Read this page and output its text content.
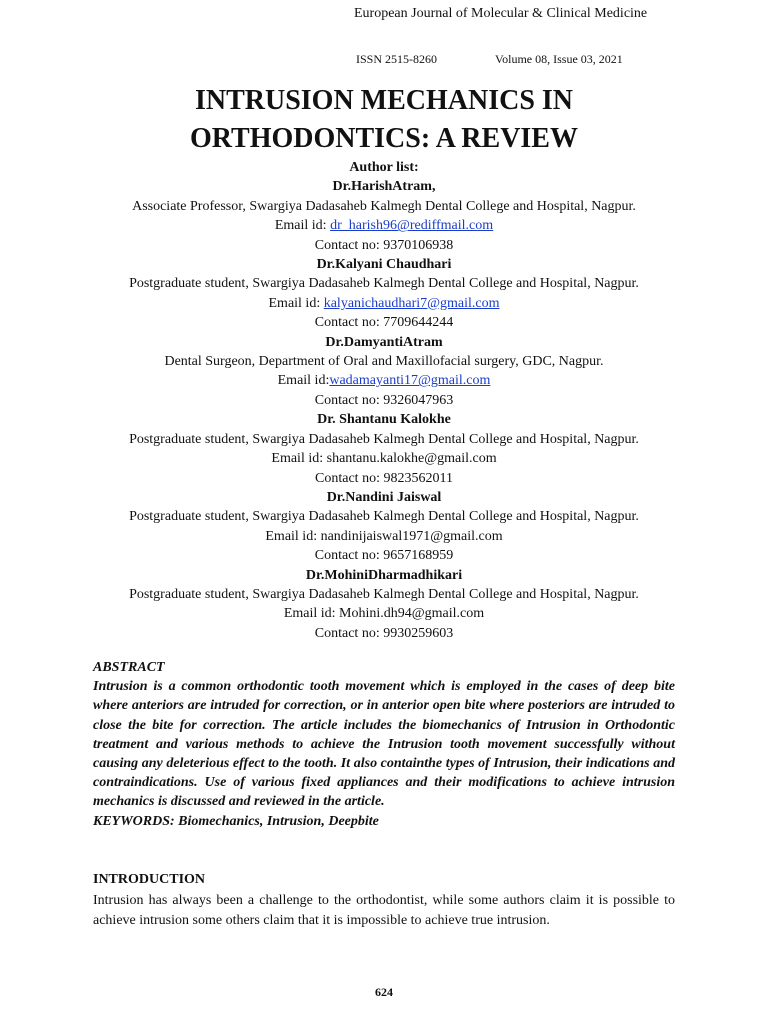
European Journal of Molecular & Clinical Medicine
ISSN 2515-8260	Volume 08, Issue 03, 2021
INTRUSION MECHANICS IN
ORTHODONTICS: A REVIEW
Author list:
Dr.HarishAtram,
Associate Professor, Swargiya Dadasaheb Kalmegh Dental College and Hospital, Nagpur.
Email id: dr_harish96@rediffmail.com
Contact no: 9370106938
Dr.Kalyani Chaudhari
Postgraduate student, Swargiya Dadasaheb Kalmegh Dental College and Hospital, Nagpur.
Email id: kalyanichaudhari7@gmail.com
Contact no: 7709644244
Dr.DamyantiAtram
Dental Surgeon, Department of Oral and Maxillofacial surgery, GDC, Nagpur.
Email id:wadamayanti17@gmail.com
Contact no: 9326047963
Dr. Shantanu Kalokhe
Postgraduate student, Swargiya Dadasaheb Kalmegh Dental College and Hospital, Nagpur.
Email id: shantanu.kalokhe@gmail.com
Contact no: 9823562011
Dr.Nandini Jaiswal
Postgraduate student, Swargiya Dadasaheb Kalmegh Dental College and Hospital, Nagpur.
Email id: nandinijaiswal1971@gmail.com
Contact no: 9657168959
Dr.MohiniDharmadhikari
Postgraduate student, Swargiya Dadasaheb Kalmegh Dental College and Hospital, Nagpur.
Email id: Mohini.dh94@gmail.com
Contact no: 9930259603

ABSTRACT

Intrusion is a common orthodontic tooth movement which is employed in the cases of deep bite where anteriors are intruded for correction, or in anterior open bite where posteriors are intruded to close the bite for correction. The article includes the biomechanics of Intrusion in Orthodontic treatment and various methods to achieve the Intrusion tooth movement successfully without causing any deleterious effect to the tooth. It also containthe types of Intrusion, their indications and contraindications. Use of various fixed appliances and their modifications to achieve intrusion mechanics is discussed and reviewed in the article.

KEYWORDS: Biomechanics, Intrusion, Deepbite

INTRODUCTION

Intrusion has always been a challenge to the orthodontist, while some authors claim it is possible to achieve intrusion some others claim that it is impossible to achieve true intrusion.

624
